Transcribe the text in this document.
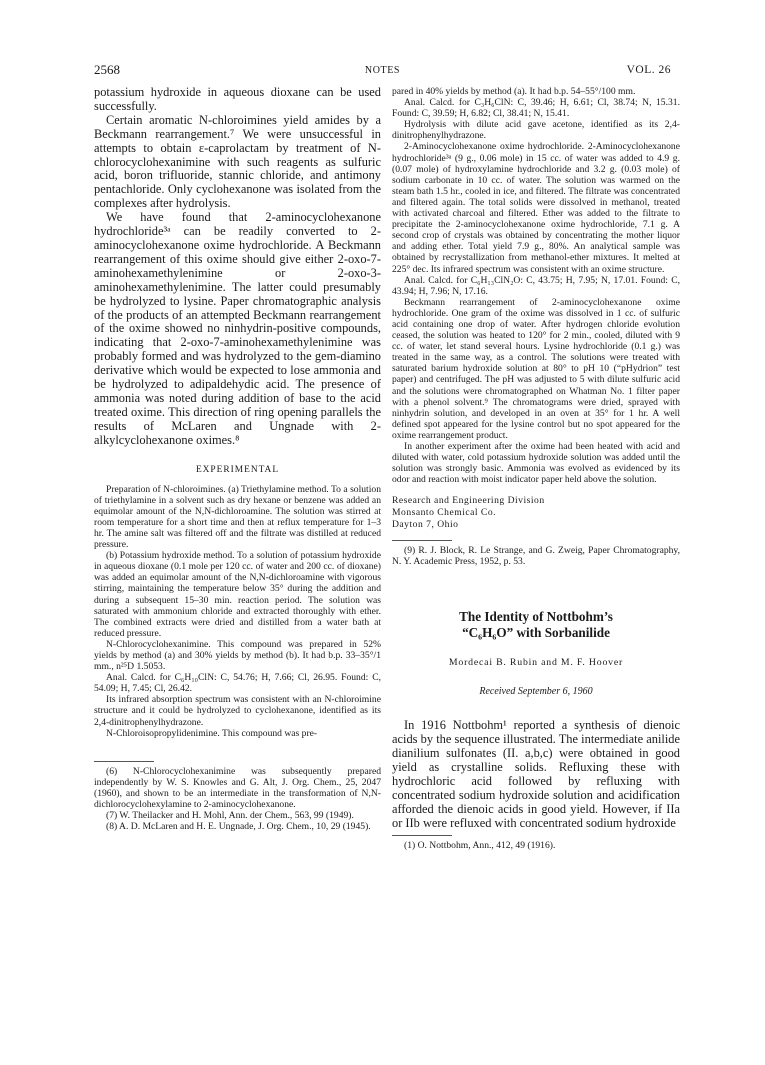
2568	NOTES	VOL. 26

potassium hydroxide in aqueous dioxane can be used successfully.

Certain aromatic N-chloroimines yield amides by a Beckmann rearrangement.⁷ We were unsuccessful in attempts to obtain ε-caprolactam by treatment of N-chlorocyclohexanimine with such reagents as sulfuric acid, boron trifluoride, stannic chloride, and antimony pentachloride. Only cyclohexanone was isolated from the complexes after hydrolysis.

We have found that 2-aminocyclohexanone hydrochloride³ᵃ can be readily converted to 2-aminocyclohexanone oxime hydrochloride. A Beckmann rearrangement of this oxime should give either 2-oxo-7-aminohexamethylenimine or 2-oxo-3-aminohexamethylenimine. The latter could presumably be hydrolyzed to lysine. Paper chromatographic analysis of the products of an attempted Beckmann rearrangement of the oxime showed no ninhydrin-positive compounds, indicating that 2-oxo-7-aminohexamethylenimine was probably formed and was hydrolyzed to the gem-diamino derivative which would be expected to lose ammonia and be hydrolyzed to adipaldehydic acid. The presence of ammonia was noted during addition of base to the acid treated oxime. This direction of ring opening parallels the results of McLaren and Ungnade with 2-alkylcyclohexanone oximes.⁸

EXPERIMENTAL

Preparation of N-chloroimines. (a) Triethylamine method. To a solution of triethylamine in a solvent such as dry hexane or benzene was added an equimolar amount of the N,N-dichloroamine. The solution was stirred at room temperature for a short time and then at reflux temperature for 1–3 hr. The amine salt was filtered off and the filtrate was distilled at reduced pressure.

(b) Potassium hydroxide method. To a solution of potassium hydroxide in aqueous dioxane (0.1 mole per 120 cc. of water and 200 cc. of dioxane) was added an equimolar amount of the N,N-dichloroamine with vigorous stirring, maintaining the temperature below 35° during the addition and during a subsequent 15–30 min. reaction period. The solution was saturated with ammonium chloride and extracted thoroughly with ether. The combined extracts were dried and distilled from a water bath at reduced pressure.

N-Chlorocyclohexanimine. This compound was prepared in 52% yields by method (a) and 30% yields by method (b). It had b.p. 33–35°/1 mm., n²⁵D 1.5053.

Anal. Calcd. for C₆H₁₀ClN: C, 54.76; H, 7.66; Cl, 26.95. Found: C, 54.09; H, 7.45; Cl, 26.42.

Its infrared absorption spectrum was consistent with an N-chloroimine structure and it could be hydrolyzed to cyclohexanone, identified as its 2,4-dinitrophenylhydrazone.

N-Chloroisopropylidenimine. This compound was pre-

(6) N-Chlorocyclohexanimine was subsequently prepared independently by W. S. Knowles and G. Alt, J. Org. Chem., 25, 2047 (1960), and shown to be an intermediate in the transformation of N,N-dichlorocyclohexylamine to 2-aminocyclohexanone.

(7) W. Theilacker and H. Mohl, Ann. der Chem., 563, 99 (1949).

(8) A. D. McLaren and H. E. Ungnade, J. Org. Chem., 10, 29 (1945).

pared in 40% yields by method (a). It had b.p. 54–55°/100 mm.

Anal. Calcd. for C₃H₆ClN: C, 39.46; H, 6.61; Cl, 38.74; N, 15.31. Found: C, 39.59; H, 6.82; Cl, 38.41; N, 15.41.

Hydrolysis with dilute acid gave acetone, identified as its 2,4-dinitrophenylhydrazone.

2-Aminocyclohexanone oxime hydrochloride. 2-Aminocyclohexanone hydrochloride³ᵃ (9 g., 0.06 mole) in 15 cc. of water was added to 4.9 g. (0.07 mole) of hydroxylamine hydrochloride and 3.2 g. (0.03 mole) of sodium carbonate in 10 cc. of water. The solution was warmed on the steam bath 1.5 hr., cooled in ice, and filtered. The filtrate was concentrated and filtered again. The total solids were dissolved in methanol, treated with activated charcoal and filtered. Ether was added to the filtrate to precipitate the 2-aminocyclohexanone oxime hydrochloride, 7.1 g. A second crop of crystals was obtained by concentrating the mother liquor and adding ether. Total yield 7.9 g., 80%. An analytical sample was obtained by recrystallization from methanol-ether mixtures. It melted at 225° dec. Its infrared spectrum was consistent with an oxime structure.

Anal. Calcd. for C₆H₁₃ClN₂O: C, 43.75; H, 7.95; N, 17.01. Found: C, 43.94; H, 7.96; N, 17.16.

Beckmann rearrangement of 2-aminocyclohexanone oxime hydrochloride. One gram of the oxime was dissolved in 1 cc. of sulfuric acid containing one drop of water. After hydrogen chloride evolution ceased, the solution was heated to 120° for 2 min., cooled, diluted with 9 cc. of water, let stand several hours. Lysine hydrochloride (0.1 g.) was treated in the same way, as a control. The solutions were treated with saturated barium hydroxide solution at 80° to pH 10 (“pHydrion” test paper) and centrifuged. The pH was adjusted to 5 with dilute sulfuric acid and the solutions were chromatographed on Whatman No. 1 filter paper with a phenol solvent.⁹ The chromatograms were dried, sprayed with ninhydrin solution, and developed in an oven at 35° for 1 hr. A well defined spot appeared for the lysine control but no spot appeared for the oxime rearrangement product.

In another experiment after the oxime had been heated with acid and diluted with water, cold potassium hydroxide solution was added until the solution was strongly basic. Ammonia was evolved as evidenced by its odor and reaction with moist indicator paper held above the solution.

Research and Engineering Division
Monsanto Chemical Co.
Dayton 7, Ohio

(9) R. J. Block, R. Le Strange, and G. Zweig, Paper Chromatography, N. Y. Academic Press, 1952, p. 53.

The Identity of Nottbohm’s
“C₆H₆O” with Sorbanilide
Mordecai B. Rubin and M. F. Hoover
Received September 6, 1960

In 1916 Nottbohm¹ reported a synthesis of dienoic acids by the sequence illustrated. The intermediate anilide dianilium sulfonates (II. a,b,c) were obtained in good yield as crystalline solids. Refluxing these with hydrochloric acid followed by refluxing with concentrated sodium hydroxide solution and acidification afforded the dienoic acids in good yield. However, if IIa or IIb were refluxed with concentrated sodium hydroxide

(1) O. Nottbohm, Ann., 412, 49 (1916).
